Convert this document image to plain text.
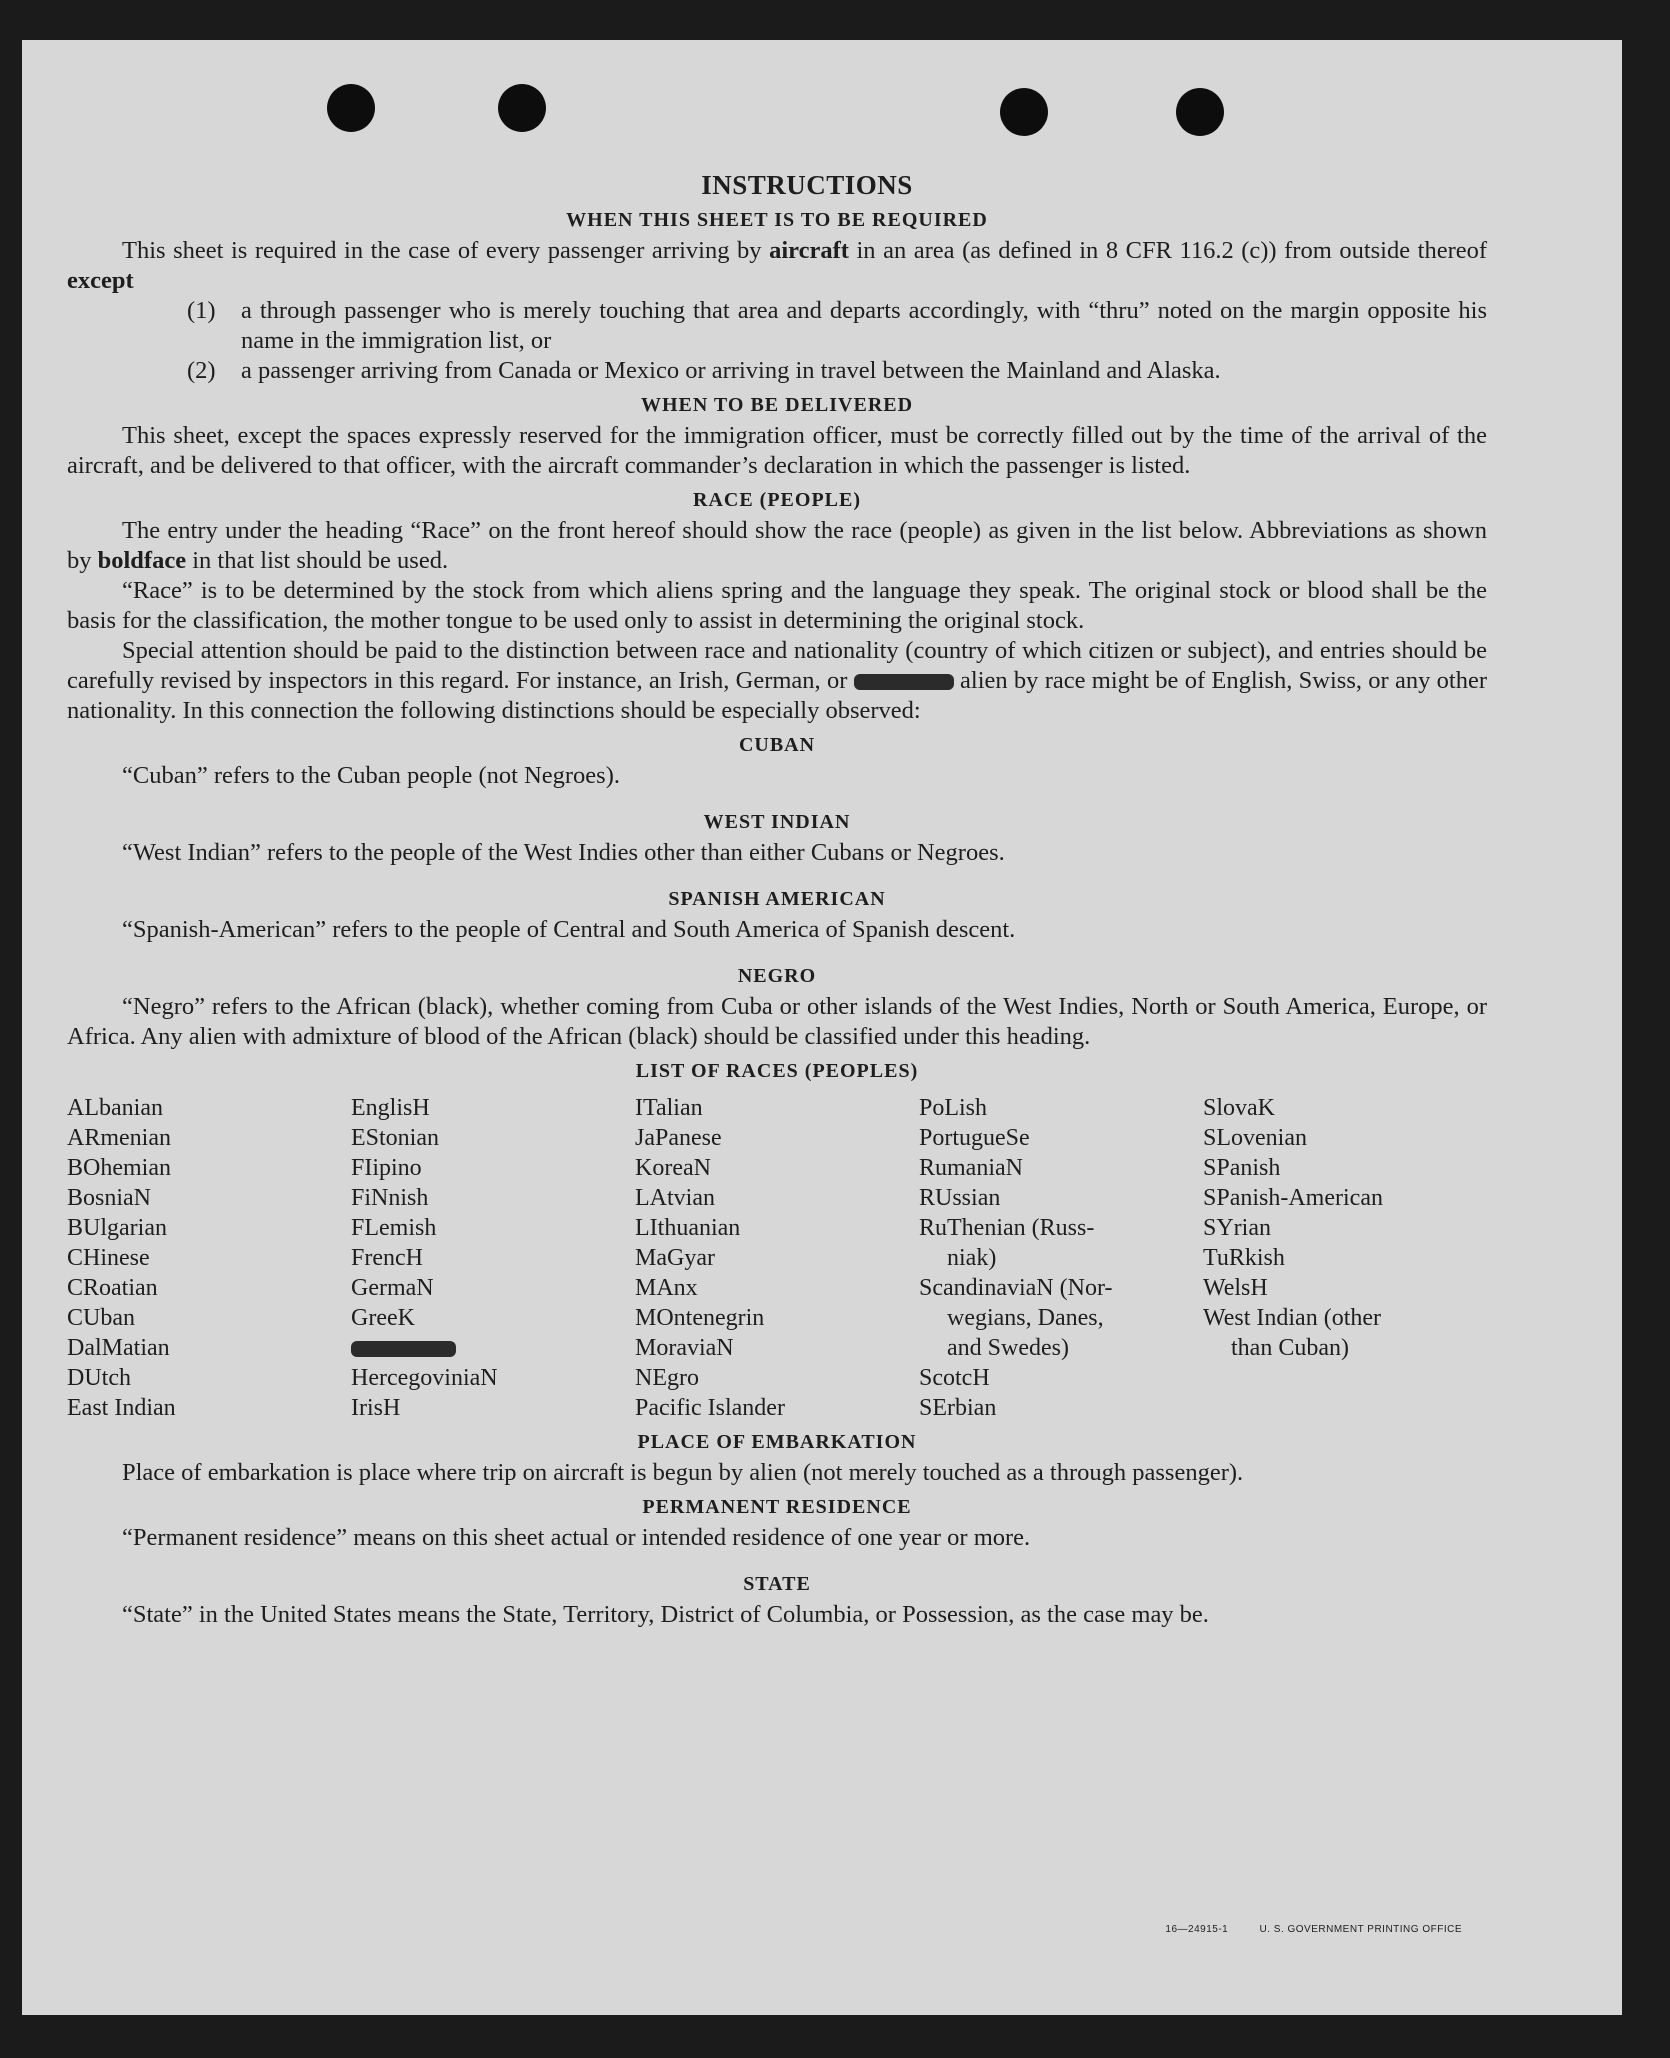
INSTRUCTIONS
WHEN THIS SHEET IS TO BE REQUIRED

This sheet is required in the case of every passenger arriving by aircraft in an area (as defined in 8 CFR 116.2 (c)) from outside thereof except

(1) a through passenger who is merely touching that area and departs accordingly, with “thru” noted on the margin opposite his name in the immigration list, or
(2) a passenger arriving from Canada or Mexico or arriving in travel between the Mainland and Alaska.
WHEN TO BE DELIVERED

This sheet, except the spaces expressly reserved for the immigration officer, must be correctly filled out by the time of the arrival of the aircraft, and be delivered to that officer, with the aircraft commander’s declaration in which the passenger is listed.

RACE (PEOPLE)

The entry under the heading “Race” on the front hereof should show the race (people) as given in the list below. Abbreviations as shown by boldface in that list should be used.

“Race” is to be determined by the stock from which aliens spring and the language they speak. The original stock or blood shall be the basis for the classification, the mother tongue to be used only to assist in determining the original stock.

Special attention should be paid to the distinction between race and nationality (country of which citizen or subject), and entries should be carefully revised by inspectors in this regard. For instance, an Irish, German, or	alien by race might be of English, Swiss, or any other nationality. In this connection the following distinctions should be especially observed:

CUBAN

“Cuban” refers to the Cuban people (not Negroes).

WEST INDIAN

“West Indian” refers to the people of the West Indies other than either Cubans or Negroes.

SPANISH AMERICAN

“Spanish-American” refers to the people of Central and South America of Spanish descent.

NEGRO

“Negro” refers to the African (black), whether coming from Cuba or other islands of the West Indies, North or South America, Europe, or Africa. Any alien with admixture of blood of the African (black) should be classified under this heading.

LIST OF RACES (PEOPLES)
ALbanian
ARmenian
BOhemian
BosniaN
BUlgarian
CHinese
CRoatian
CUban
DalMatian
DUtch
East Indian
EnglisH
EStonian
FIipino
FiNnish
FLemish
FrencH
GermaN
GreeK
HercegoviniaN
IrisH
ITalian
JaPanese
KoreaN
LAtvian
LIthuanian
MaGyar
MAnx
MOntenegrin
MoraviaN
NEgro
Pacific Islander
PoLish
PortugueSe
RumaniaN
RUssian
RuThenian (Russ-
niak)
ScandinaviaN (Nor-
wegians, Danes,
and Swedes)
ScotcH
SErbian
SlovaK
SLovenian
SPanish
SPanish-American
SYrian
TuRkish
WelsH
West Indian (other
than Cuban)
PLACE OF EMBARKATION

Place of embarkation is place where trip on aircraft is begun by alien (not merely touched as a through passenger).

PERMANENT RESIDENCE

“Permanent residence” means on this sheet actual or intended residence of one year or more.

STATE

“State” in the United States means the State, Territory, District of Columbia, or Possession, as the case may be.

16—24915-1	U. S. GOVERNMENT PRINTING OFFICE
